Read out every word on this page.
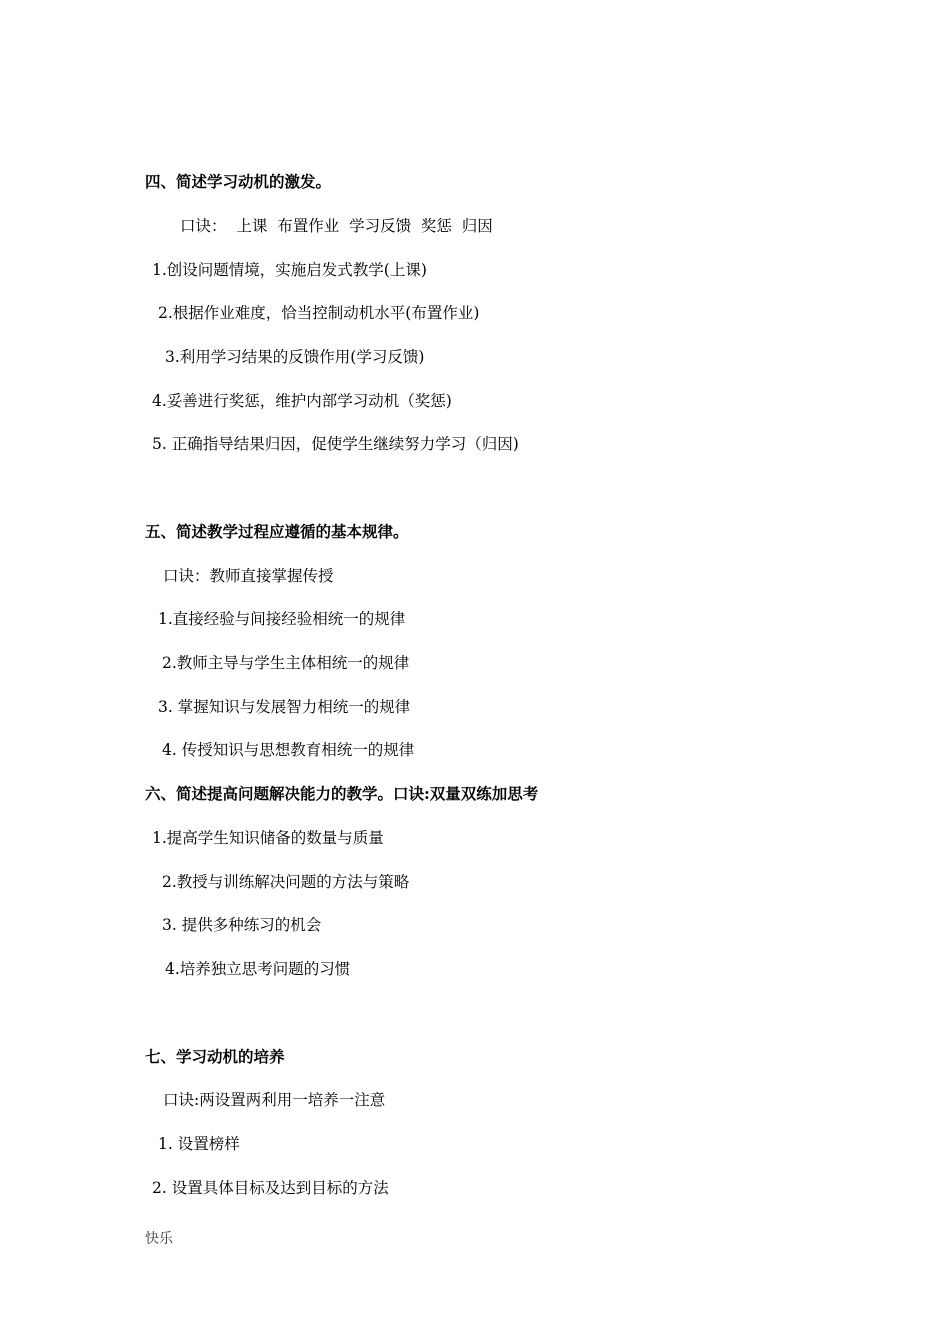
四、简述学习动机的激发。
口诀：  上课  布置作业  学习反馈  奖惩  归因
1.创设问题情境，实施启发式教学(上课)
2.根据作业难度，恰当控制动机水平(布置作业)
3.利用学习结果的反馈作用(学习反馈)
4.妥善进行奖惩，维护内部学习动机（奖惩)
5. 正确指导结果归因，促使学生继续努力学习（归因)
五、简述教学过程应遵循的基本规律。
口诀：教师直接掌握传授
1.直接经验与间接经验相统一的规律
2.教师主导与学生主体相统一的规律
3. 掌握知识与发展智力相统一的规律
4. 传授知识与思想教育相统一的规律
六、简述提高问题解决能力的教学。口诀:双量双练加思考
1.提高学生知识储备的数量与质量
2.教授与训练解决问题的方法与策略
3. 提供多种练习的机会
4.培养独立思考问题的习惯
七、学习动机的培养
口诀:两设置两利用一培养一注意
1. 设置榜样
2. 设置具体目标及达到目标的方法
快乐
